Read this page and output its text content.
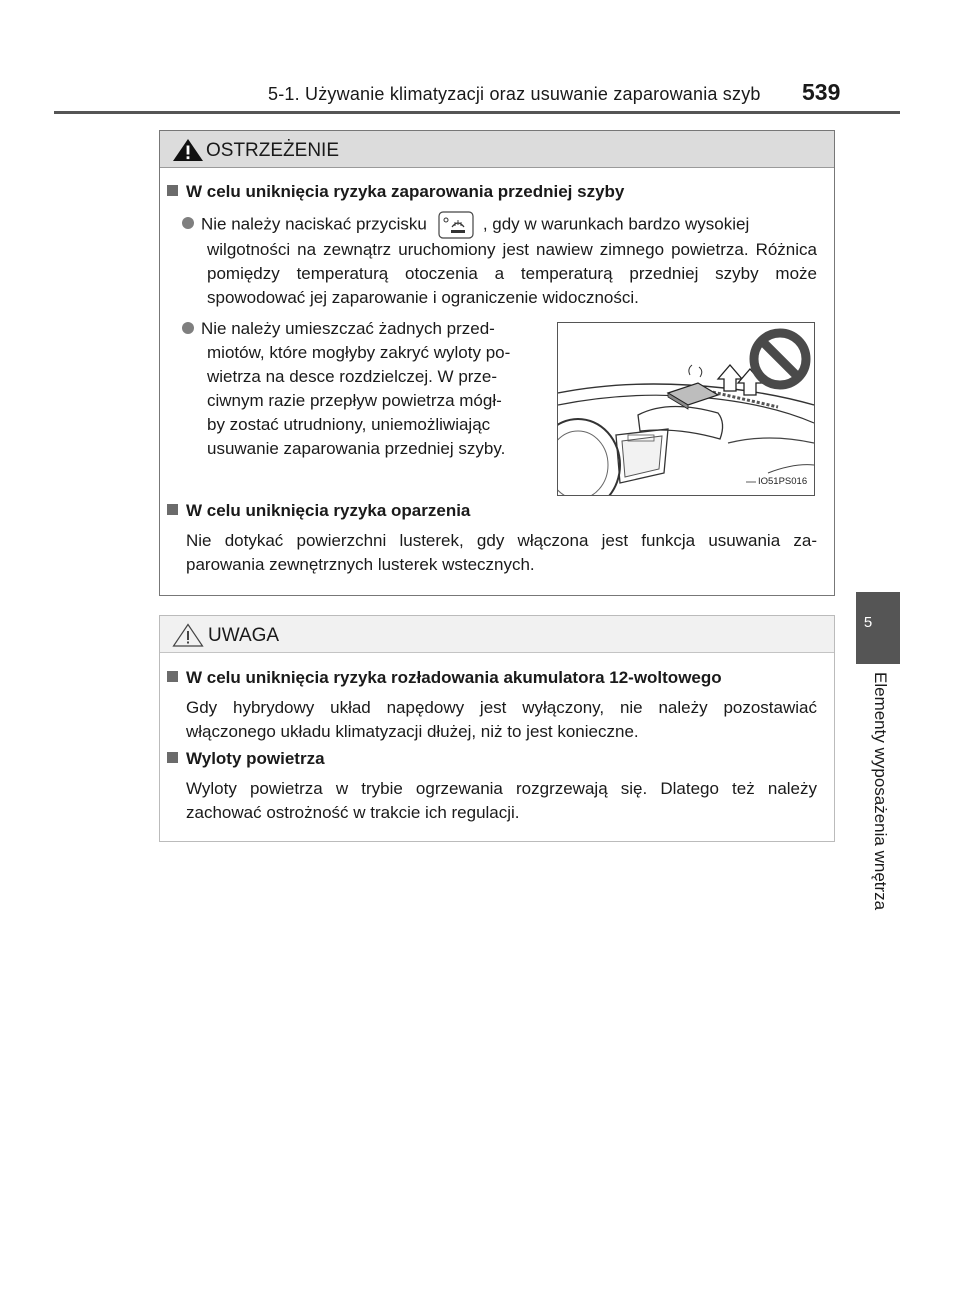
5-1. Używanie klimatyzacji oraz usuwanie zaparowania szyb 539
5
Elementy wyposażenia wnętrza
OSTRZEŻENIE
W celu uniknięcia ryzyka zaparowania przedniej szyby
Nie należy naciskać przycisku	, gdy w warunkach bardzo wysokiej
wilgotności na zewnątrz uruchomiony jest nawiew zimnego powietrza. Różnica pomiędzy temperaturą otoczenia a temperaturą przedniej szyby może spowodować jej zaparowanie i ograniczenie widoczności.
Nie należy umieszczać żadnych przed-
miotów, które mogłyby zakryć wyloty po-
wietrza na desce rozdzielczej. W prze-
ciwnym razie przepływ powietrza mógł-
by zostać utrudniony, uniemożliwiając
usuwanie zaparowania przedniej szyby.
IO51PS016
W celu uniknięcia ryzyka oparzenia
Nie dotykać powierzchni lusterek, gdy włączona jest funkcja usuwania za-parowania zewnętrznych lusterek wstecznych.
UWAGA
W celu uniknięcia ryzyka rozładowania akumulatora 12-woltowego
Gdy hybrydowy układ napędowy jest wyłączony, nie należy pozostawiać włączonego układu klimatyzacji dłużej, niż to jest konieczne.
Wyloty powietrza
Wyloty powietrza w trybie ogrzewania rozgrzewają się. Dlatego też należy zachować ostrożność w trakcie ich regulacji.
